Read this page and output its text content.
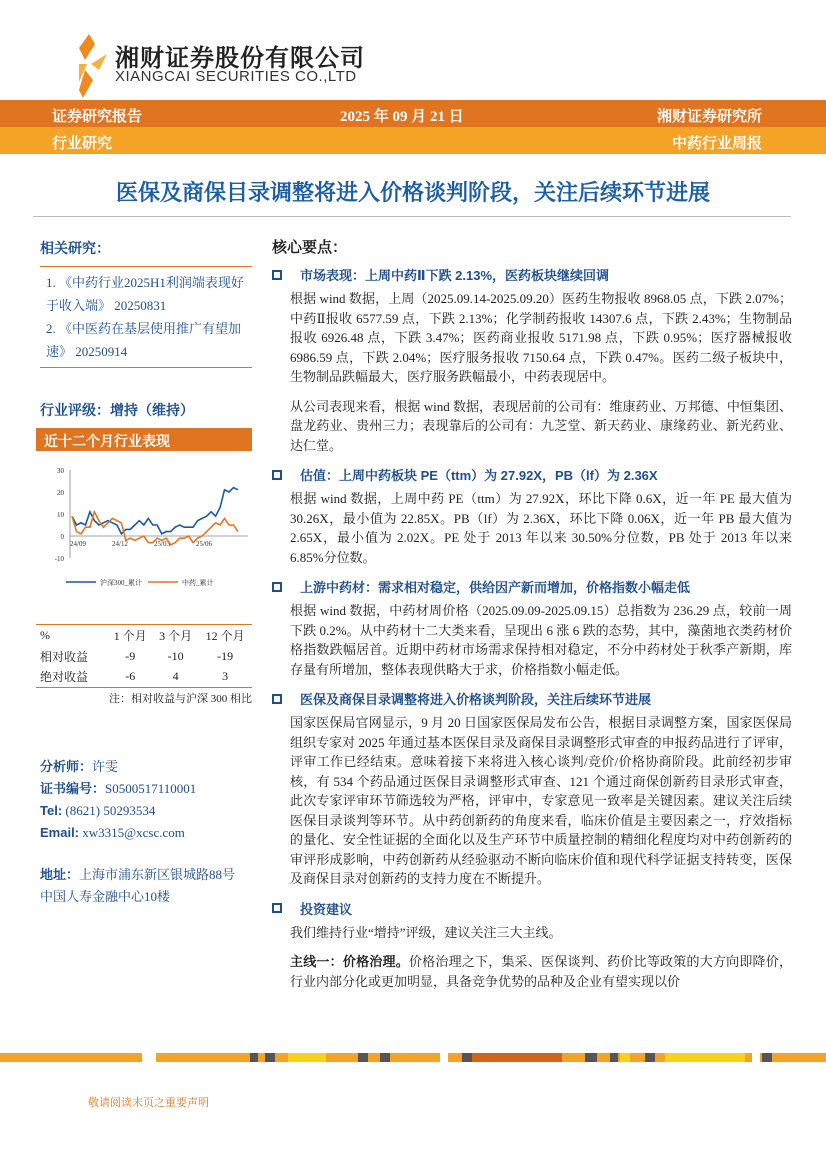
湘财证券股份有限公司
XIANGCAI SECURITIES CO.,LTD
证券研究报告	2025 年 09 月 21 日	湘财证券研究所
行业研究	中药行业周报
医保及商保目录调整将进入价格谈判阶段，关注后续环节进展
相关研究：
1. 《中药行业2025H1利润端表现好于收入端》 20250831
2. 《中医药在基层使用推广有望加速》 20250914
行业评级：增持（维持）
近十二个月行业表现
30
20
10
0
-10
24/09	24/12	25/03	25/06
沪深300_累计	中药_累计
%	1 个月	3 个月	12 个月
相对收益	-9	-10	-19
绝对收益	-6	4	3
注：相对收益与沪深 300 相比
分析师：许雯
证书编号：S0500517110001
Tel: (8621) 50293534
Email: xw3315@xcsc.com
地址：上海市浦东新区银城路88号
中国人寿金融中心10楼
核心要点：
市场表现：上周中药Ⅱ下跌 2.13%，医药板块继续回调
根据 wind 数据，上周（2025.09.14-2025.09.20）医药生物报收 8968.05 点，下跌 2.07%；中药Ⅱ报收 6577.59 点，下跌 2.13%；化学制药报收 14307.6 点，下跌 2.43%；生物制品报收 6926.48 点，下跌 3.47%；医药商业报收 5171.98 点，下跌 0.95%；医疗器械报收 6986.59 点，下跌 2.04%；医疗服务报收 7150.64 点，下跌 0.47%。医药二级子板块中，生物制品跌幅最大，医疗服务跌幅最小，中药表现居中。
从公司表现来看，根据 wind 数据，表现居前的公司有：维康药业、万邦德、中恒集团、盘龙药业、贵州三力；表现靠后的公司有：九芝堂、新天药业、康缘药业、新光药业、达仁堂。
估值：上周中药板块 PE（ttm）为 27.92X，PB（lf）为 2.36X
根据 wind 数据，上周中药 PE（ttm）为 27.92X，环比下降 0.6X，近一年 PE 最大值为 30.26X，最小值为 22.85X。PB（lf）为 2.36X，环比下降 0.06X，近一年 PB 最大值为 2.65X，最小值为 2.02X。PE 处于 2013 年以来 30.50%分位数，PB 处于 2013 年以来 6.85%分位数。
上游中药材：需求相对稳定，供给因产新而增加，价格指数小幅走低
根据 wind 数据，中药材周价格（2025.09.09-2025.09.15）总指数为 236.29 点，较前一周下跌 0.2%。从中药材十二大类来看，呈现出 6 涨 6 跌的态势，其中，藻菌地衣类药材价格指数跌幅居首。近期中药材市场需求保持相对稳定，不分中药材处于秋季产新期，库存量有所增加，整体表现供略大于求，价格指数小幅走低。
医保及商保目录调整将进入价格谈判阶段，关注后续环节进展
国家医保局官网显示，9 月 20 日国家医保局发布公告，根据目录调整方案，国家医保局组织专家对 2025 年通过基本医保目录及商保目录调整形式审查的申报药品进行了评审，评审工作已经结束。意味着接下来将进入核心谈判/竞价/价格协商阶段。此前经初步审核，有 534 个药品通过医保目录调整形式审查、121 个通过商保创新药目录形式审查，此次专家评审环节筛选较为严格，评审中，专家意见一致率是关键因素。建议关注后续医保目录谈判等环节。从中药创新药的角度来看，临床价值是主要因素之一，疗效指标的量化、安全性证据的全面化以及生产环节中质量控制的精细化程度均对中药创新药的审评形成影响，中药创新药从经验驱动不断向临床价值和现代科学证据支持转变，医保及商保目录对创新药的支持力度在不断提升。
投资建议
我们维持行业“增持”评级，建议关注三大主线。
主线一：价格治理。价格治理之下，集采、医保谈判、药价比等政策的大方向即降价，行业内部分化或更加明显，具备竞争优势的品种及企业有望实现以价
敬请阅读末页之重要声明
